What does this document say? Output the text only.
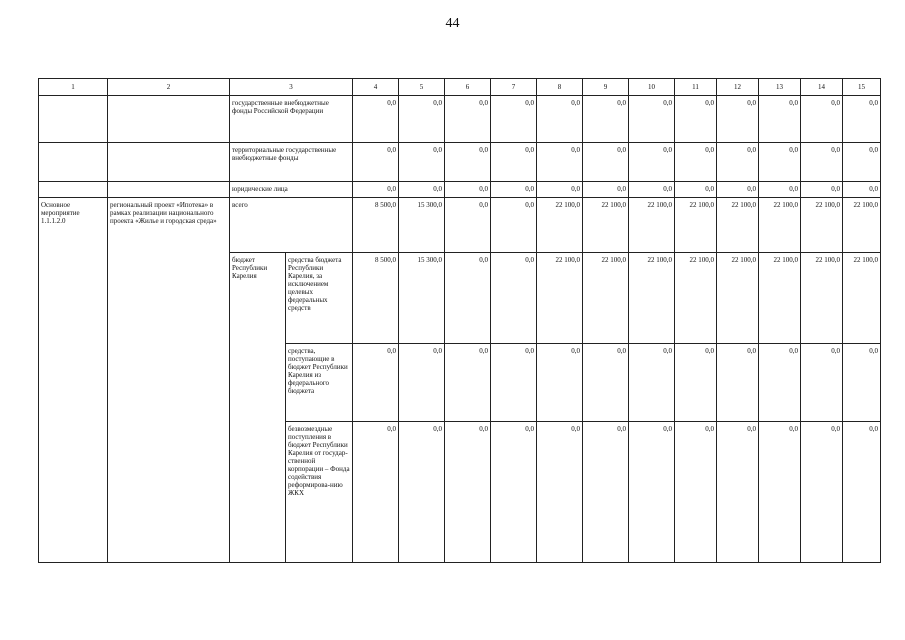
44
1	2	3		4	5	6	7	8	9	10	11	12	13	14	15
		государственные внебюджетные фонды Российской Федерации		0,0	0,0	0,0	0,0	0,0	0,0	0,0	0,0	0,0	0,0	0,0	0,0
		территориальные государственные внебюджетные фонды		0,0	0,0	0,0	0,0	0,0	0,0	0,0	0,0	0,0	0,0	0,0	0,0
		юридические лица		0,0	0,0	0,0	0,0	0,0	0,0	0,0	0,0	0,0	0,0	0,0	0,0
Основное мероприятие 1.1.1.2.0	региональный проект «Ипотека» в рамках реализации национального проекта «Жилье и городская среда»	всего		8 500,0	15 300,0	0,0	0,0	22 100,0	22 100,0	22 100,0	22 100,0	22 100,0	22 100,0	22 100,0	22 100,0
		бюджет Республики Карелия	средства бюджета Республики Карелия, за исключением целевых федеральных средств	8 500,0	15 300,0	0,0	0,0	22 100,0	22 100,0	22 100,0	22 100,0	22 100,0	22 100,0	22 100,0	22 100,0
			средства, поступающие в бюджет Республики Карелия из федерального бюджета	0,0	0,0	0,0	0,0	0,0	0,0	0,0	0,0	0,0	0,0	0,0	0,0
			безвозмездные поступления в бюджет Республики Карелия от государ-ственной корпорации – Фонда содействия реформирова-нию ЖКХ	0,0	0,0	0,0	0,0	0,0	0,0	0,0	0,0	0,0	0,0	0,0	0,0
